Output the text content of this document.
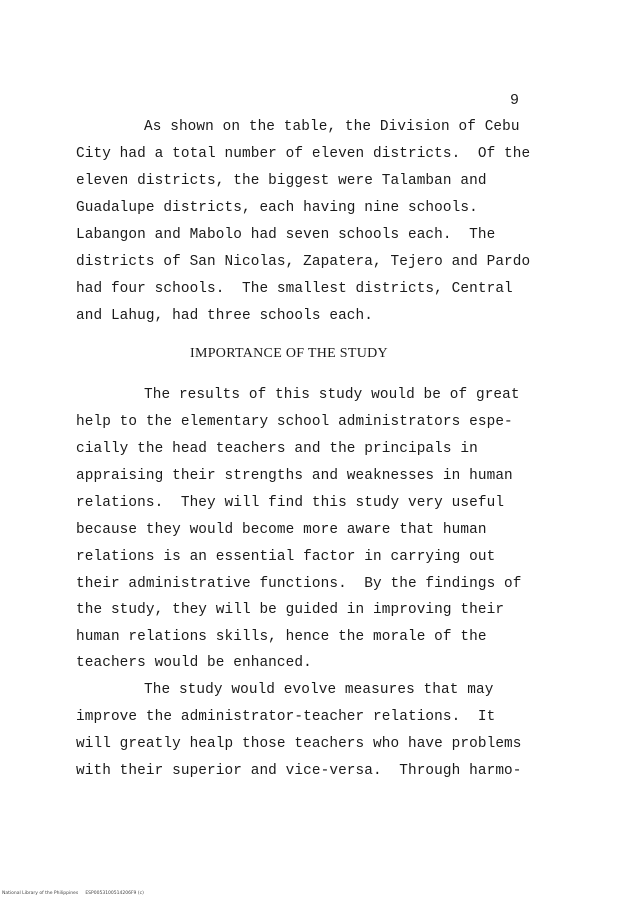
9
As shown on the table, the Division of Cebu
City had a total number of eleven districts.  Of the
eleven districts, the biggest were Talamban and
Guadalupe districts, each having nine schools.
Labangon and Mabolo had seven schools each.  The
districts of San Nicolas, Zapatera, Tejero and Pardo
had four schools.  The smallest districts, Central
and Lahug, had three schools each.
IMPORTANCE OF THE STUDY
The results of this study would be of great
help to the elementary school administrators espe-
cially the head teachers and the principals in
appraising their strengths and weaknesses in human
relations.  They will find this study very useful
because they would become more aware that human
relations is an essential factor in carrying out
their administrative functions.  By the findings of
the study, they will be guided in improving their
human relations skills, hence the morale of the
teachers would be enhanced.
The study would evolve measures that may
improve the administrator-teacher relations.  It
will greatly healp those teachers who have problems
with their superior and vice-versa.  Through harmo-
National Library of the Philippines     ESP0053100514206F9 (c)
